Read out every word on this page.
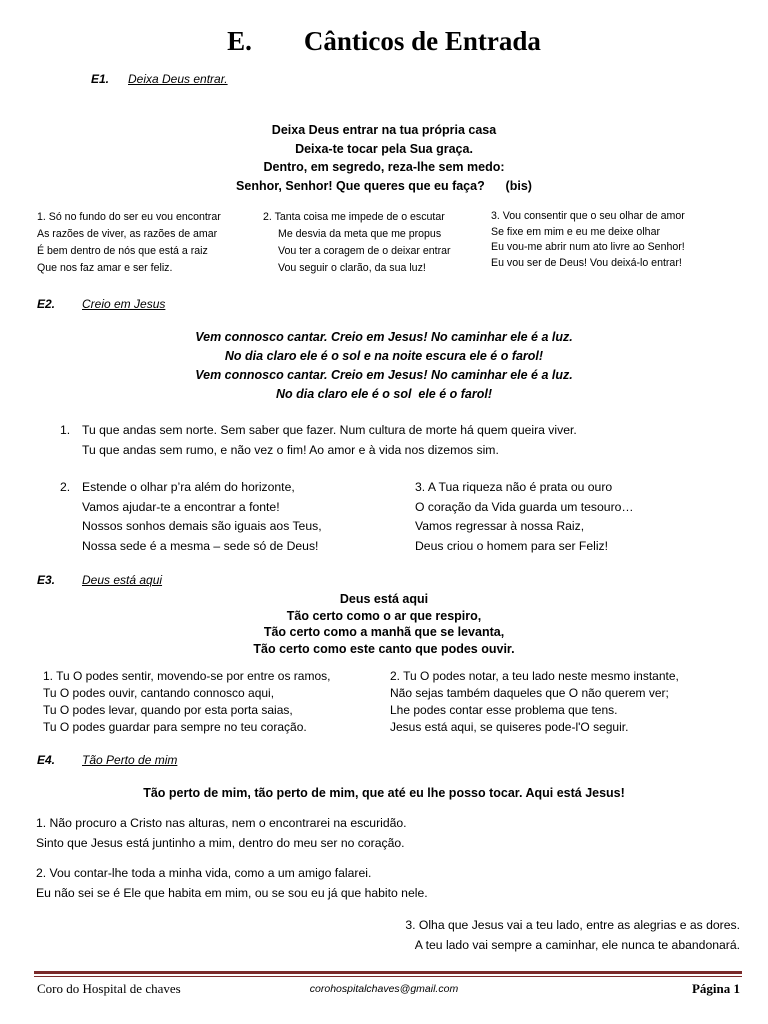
E. Cânticos de Entrada
E1. Deixa Deus entrar.
Deixa Deus entrar na tua própria casa
Deixa-te tocar pela Sua graça.
Dentro, em segredo, reza-lhe sem medo:
Senhor, Senhor! Que queres que eu faça?      (bis)
1. Só no fundo do ser eu vou encontrar
As razões de viver, as razões de amar
É bem dentro de nós que está a raiz
Que nos faz amar e ser feliz.
2. Tanta coisa me impede de o escutar
Me desvia da meta que me propus
Vou ter a coragem de o deixar entrar
Vou seguir o clarão, da sua luz!
3. Vou consentir que o seu olhar de amor
Se fixe em mim e eu me deixe olhar
Eu vou-me abrir num ato livre ao Senhor!
Eu vou ser de Deus! Vou deixá-lo entrar!
E2. Creio em Jesus
Vem connosco cantar. Creio em Jesus! No caminhar ele é a luz.
No dia claro ele é o sol e na noite escura ele é o farol!
Vem connosco cantar. Creio em Jesus! No caminhar ele é a luz.
No dia claro ele é o sol  ele é o farol!
1. Tu que andas sem norte. Sem saber que fazer. Num cultura de morte há quem queira viver.
Tu que andas sem rumo, e não vez o fim! Ao amor e à vida nos dizemos sim.
2. Estende o olhar p’ra além do horizonte,
Vamos ajudar-te a encontrar a fonte!
Nossos sonhos demais são iguais aos Teus,
Nossa sede é a mesma – sede só de Deus!
3. A Tua riqueza não é prata ou ouro
O coração da Vida guarda um tesouro…
Vamos regressar à nossa Raiz,
Deus criou o homem para ser Feliz!
E3. Deus está aqui
Deus está aqui
Tão certo como o ar que respiro,
Tão certo como a manhã que se levanta,
Tão certo como este canto que podes ouvir.
1. Tu O podes sentir, movendo-se por entre os ramos,
Tu O podes ouvir, cantando connosco aqui,
Tu O podes levar, quando por esta porta saias,
Tu O podes guardar para sempre no teu coração.
2. Tu O podes notar, a teu lado neste mesmo instante,
Não sejas também daqueles que O não querem ver;
Lhe podes contar esse problema que tens.
Jesus está aqui, se quiseres pode-l'O seguir.
E4. Tão Perto de mim
Tão perto de mim, tão perto de mim, que até eu lhe posso tocar. Aqui está Jesus!
1. Não procuro a Cristo nas alturas, nem o encontrarei na escuridão.
Sinto que Jesus está juntinho a mim, dentro do meu ser no coração.
2. Vou contar-lhe toda a minha vida, como a um amigo falarei.
Eu não sei se é Ele que habita em mim, ou se sou eu já que habito nele.
3. Olha que Jesus vai a teu lado, entre as alegrias e as dores.
A teu lado vai sempre a caminhar, ele nunca te abandonará.
Coro do Hospital de chaves	corohospitalchaves@gmail.com	Página 1
